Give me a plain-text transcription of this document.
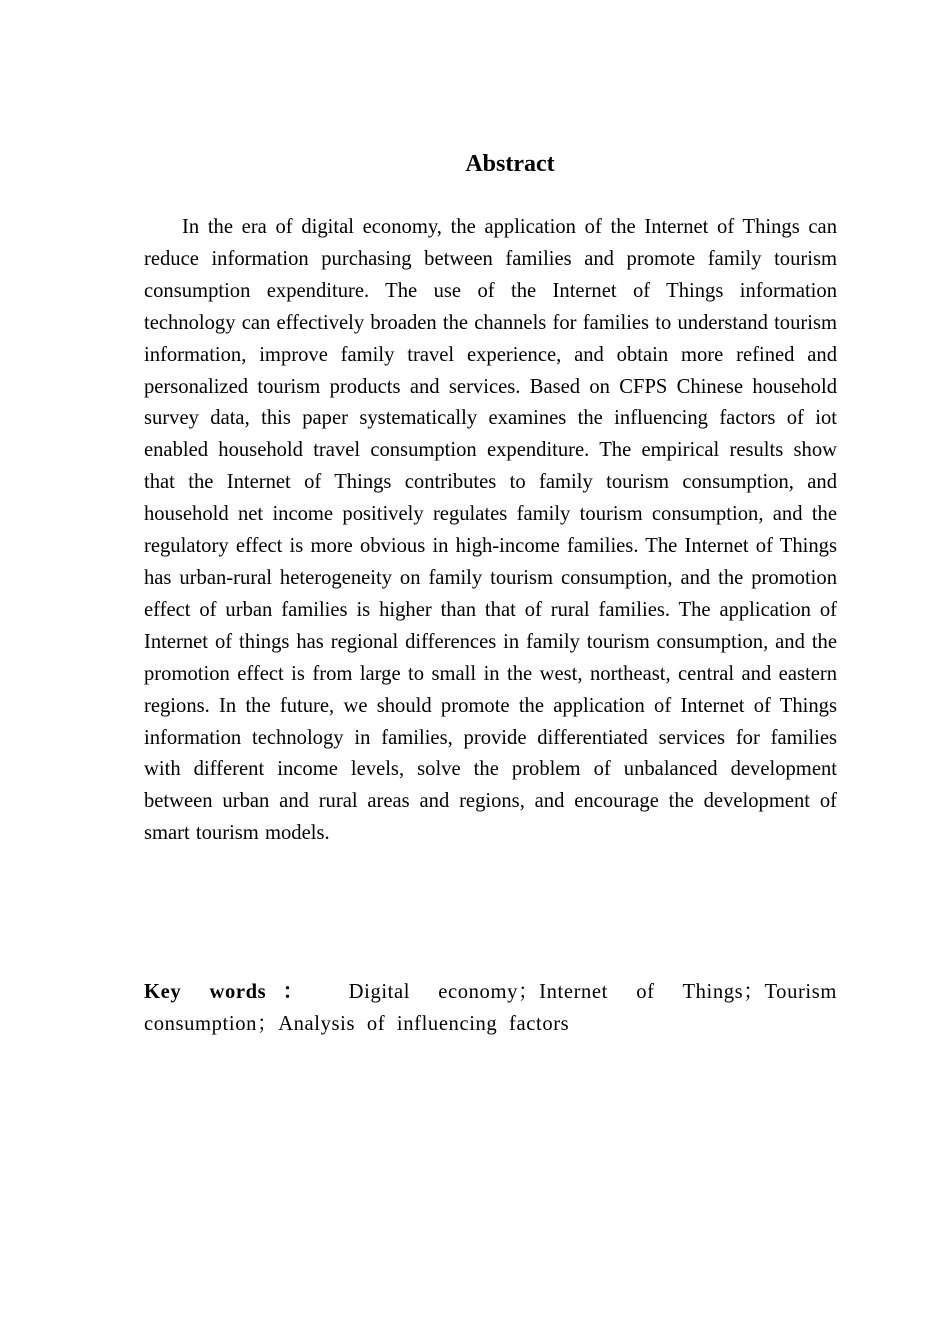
Abstract

In the era of digital economy, the application of the Internet of Things can reduce information purchasing between families and promote family tourism consumption expenditure. The use of the Internet of Things information technology can effectively broaden the channels for families to understand tourism information, improve family travel experience, and obtain more refined and personalized tourism products and services. Based on CFPS Chinese household survey data, this paper systematically examines the influencing factors of iot enabled household travel consumption expenditure. The empirical results show that the Internet of Things contributes to family tourism consumption, and household net income positively regulates family tourism consumption, and the regulatory effect is more obvious in high-income families. The Internet of Things has urban-rural heterogeneity on family tourism consumption, and the promotion effect of urban families is higher than that of rural families. The application of Internet of things has regional differences in family tourism consumption, and the promotion effect is from large to small in the west, northeast, central and eastern regions. In the future, we should promote the application of Internet of Things information technology in families, provide differentiated services for families with different income levels, solve the problem of unbalanced development between urban and rural areas and regions, and encourage the development of smart tourism models.

Key words： Digital economy；Internet of Things；Tourism consumption；Analysis of influencing factors
